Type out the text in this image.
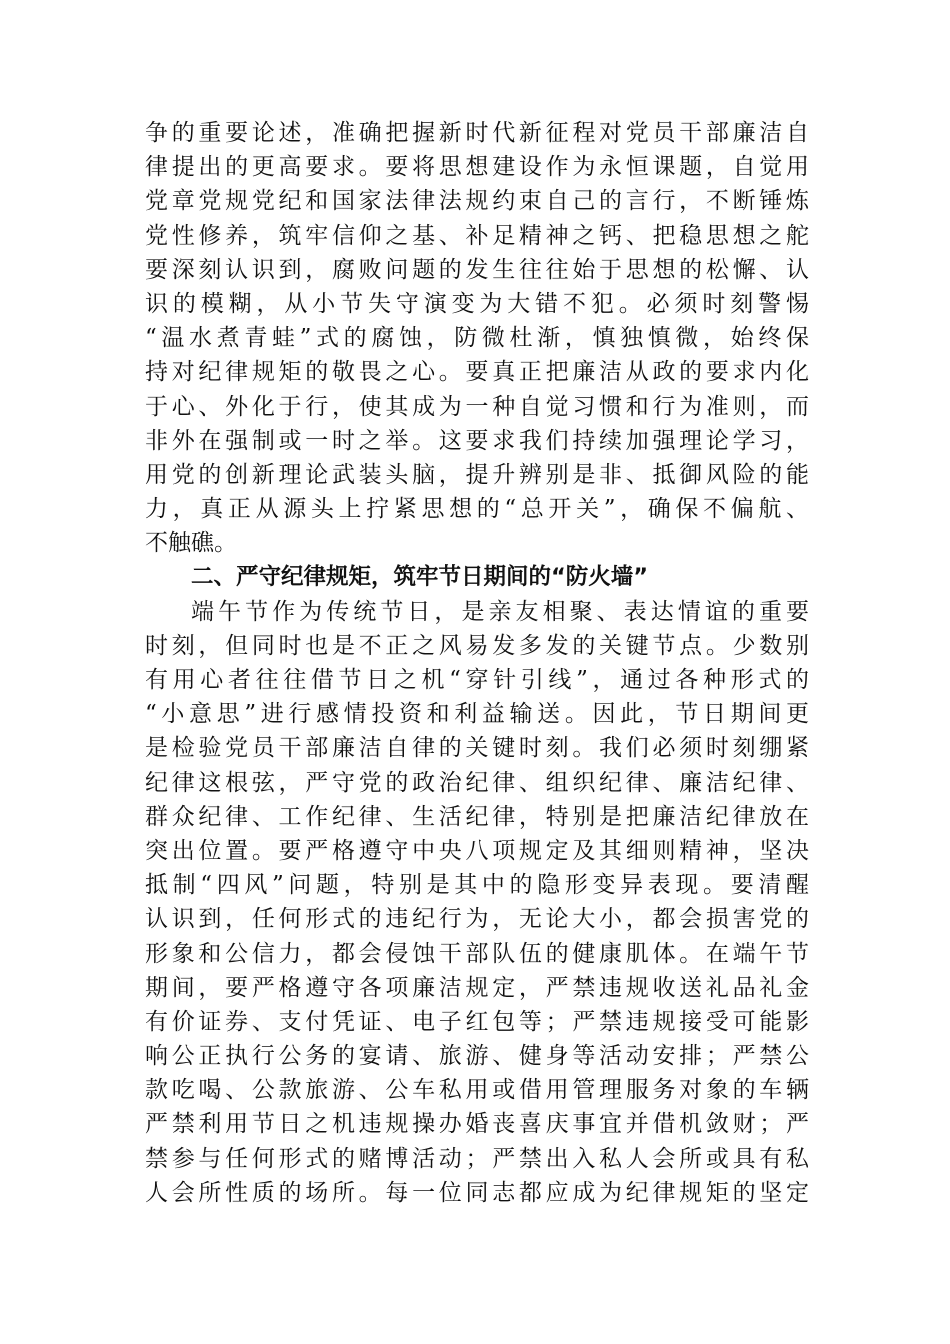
争的重要论述，准确把握新时代新征程对党员干部廉洁自
律提出的更高要求。要将思想建设作为永恒课题，自觉用
党章党规党纪和国家法律法规约束自己的言行，不断锤炼
党性修养，筑牢信仰之基、补足精神之钙、把稳思想之舵
要深刻认识到，腐败问题的发生往往始于思想的松懈、认
识的模糊，从小节失守演变为大错不犯。必须时刻警惕
“温水煮青蛙”式的腐蚀，防微杜渐，慎独慎微，始终保
持对纪律规矩的敬畏之心。要真正把廉洁从政的要求内化
于心、外化于行，使其成为一种自觉习惯和行为准则，而
非外在强制或一时之举。这要求我们持续加强理论学习，
用党的创新理论武装头脑，提升辨别是非、抵御风险的能
力，真正从源头上拧紧思想的“总开关”，确保不偏航、
不触礁。
二、严守纪律规矩，筑牢节日期间的“防火墙”
端午节作为传统节日，是亲友相聚、表达情谊的重要
时刻，但同时也是不正之风易发多发的关键节点。少数别
有用心者往往借节日之机“穿针引线”，通过各种形式的
“小意思”进行感情投资和利益输送。因此，节日期间更
是检验党员干部廉洁自律的关键时刻。我们必须时刻绷紧
纪律这根弦，严守党的政治纪律、组织纪律、廉洁纪律、
群众纪律、工作纪律、生活纪律，特别是把廉洁纪律放在
突出位置。要严格遵守中央八项规定及其细则精神，坚决
抵制“四风”问题，特别是其中的隐形变异表现。要清醒
认识到，任何形式的违纪行为，无论大小，都会损害党的
形象和公信力，都会侵蚀干部队伍的健康肌体。在端午节
期间，要严格遵守各项廉洁规定，严禁违规收送礼品礼金
有价证券、支付凭证、电子红包等；严禁违规接受可能影
响公正执行公务的宴请、旅游、健身等活动安排；严禁公
款吃喝、公款旅游、公车私用或借用管理服务对象的车辆
严禁利用节日之机违规操办婚丧喜庆事宜并借机敛财；严
禁参与任何形式的赌博活动；严禁出入私人会所或具有私
人会所性质的场所。每一位同志都应成为纪律规矩的坚定
